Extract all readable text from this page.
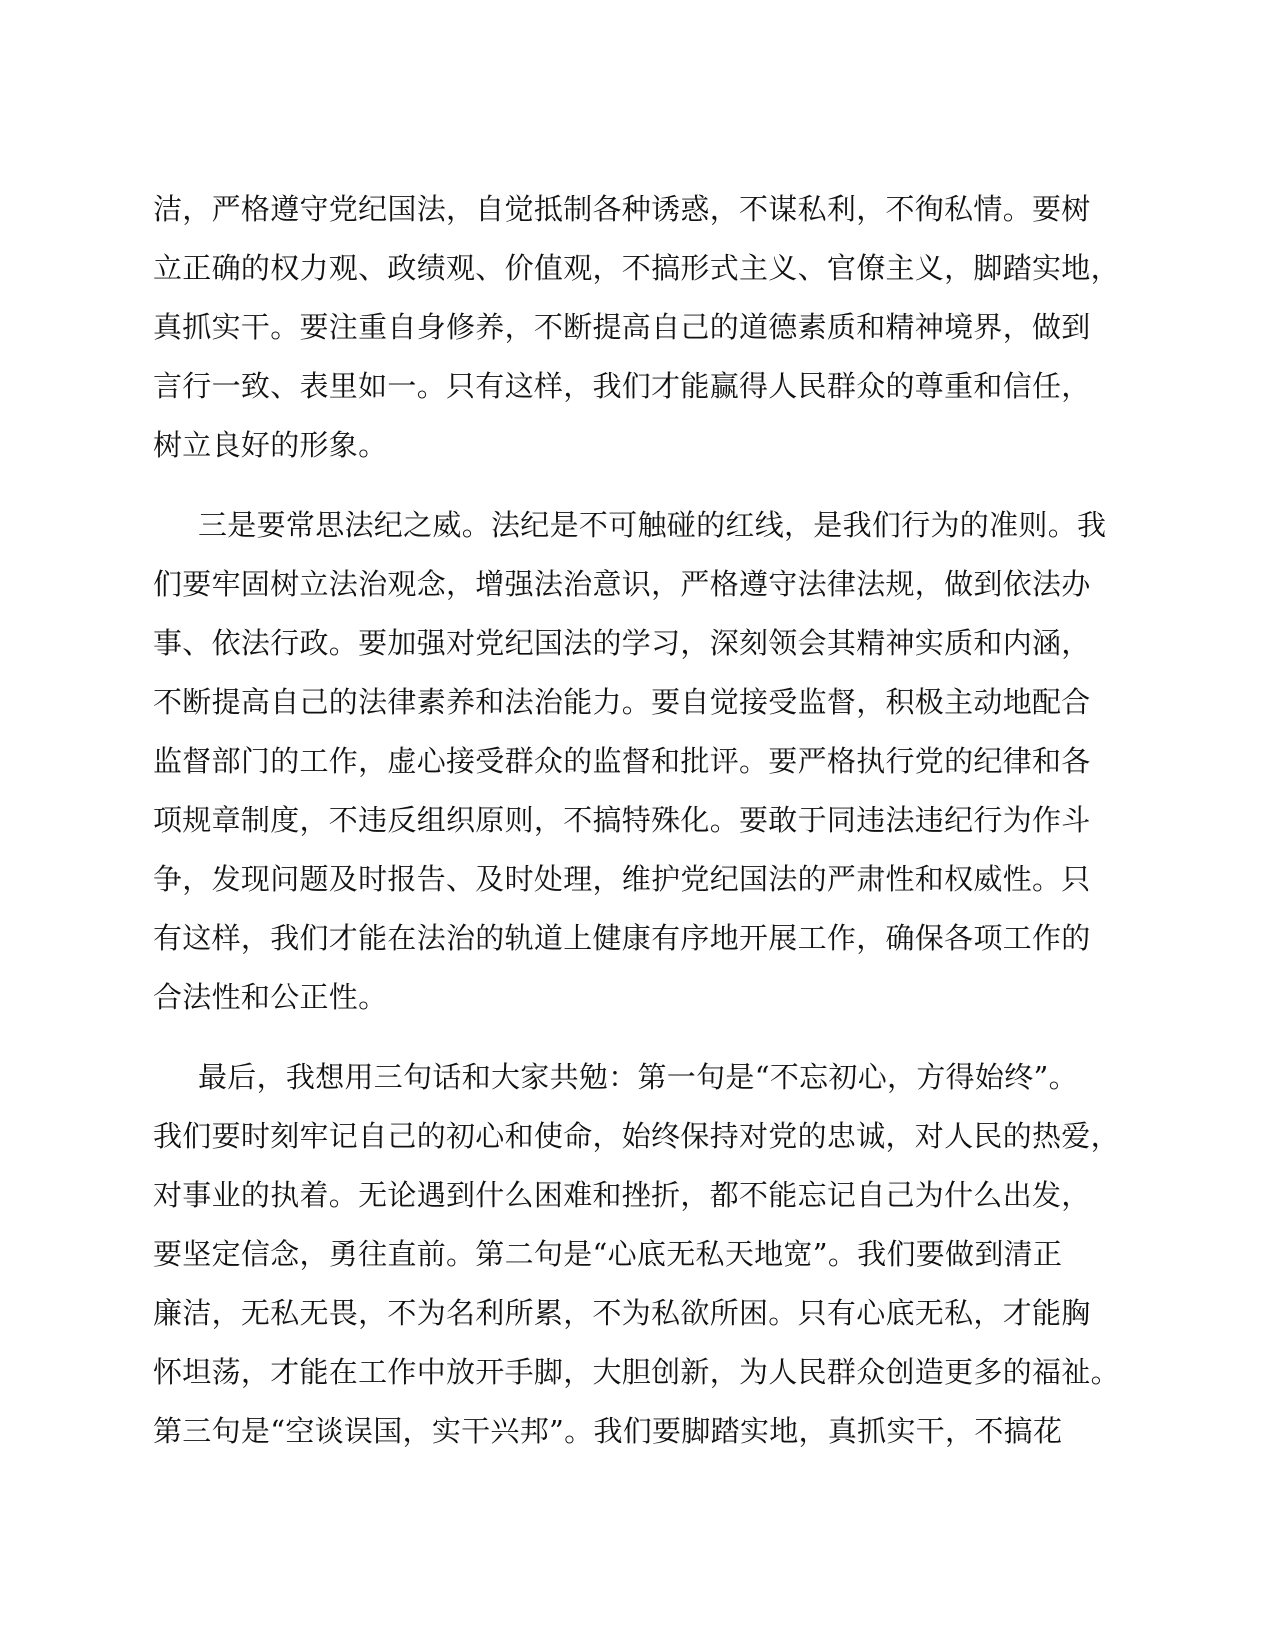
洁，严格遵守党纪国法，自觉抵制各种诱惑，不谋私利，不徇私情。要树
立正确的权力观、政绩观、价值观，不搞形式主义、官僚主义，脚踏实地，
真抓实干。要注重自身修养，不断提高自己的道德素质和精神境界，做到
言行一致、表里如一。只有这样，我们才能赢得人民群众的尊重和信任，
树立良好的形象。
三是要常思法纪之威。法纪是不可触碰的红线，是我们行为的准则。我
们要牢固树立法治观念，增强法治意识，严格遵守法律法规，做到依法办
事、依法行政。要加强对党纪国法的学习，深刻领会其精神实质和内涵，
不断提高自己的法律素养和法治能力。要自觉接受监督，积极主动地配合
监督部门的工作，虚心接受群众的监督和批评。要严格执行党的纪律和各
项规章制度，不违反组织原则，不搞特殊化。要敢于同违法违纪行为作斗
争，发现问题及时报告、及时处理，维护党纪国法的严肃性和权威性。只
有这样，我们才能在法治的轨道上健康有序地开展工作，确保各项工作的
合法性和公正性。
最后，我想用三句话和大家共勉：第一句是“不忘初心，方得始终”。
我们要时刻牢记自己的初心和使命，始终保持对党的忠诚，对人民的热爱，
对事业的执着。无论遇到什么困难和挫折，都不能忘记自己为什么出发，
要坚定信念，勇往直前。第二句是“心底无私天地宽”。我们要做到清正
廉洁，无私无畏，不为名利所累，不为私欲所困。只有心底无私，才能胸
怀坦荡，才能在工作中放开手脚，大胆创新，为人民群众创造更多的福祉。
第三句是“空谈误国，实干兴邦”。我们要脚踏实地，真抓实干，不搞花
